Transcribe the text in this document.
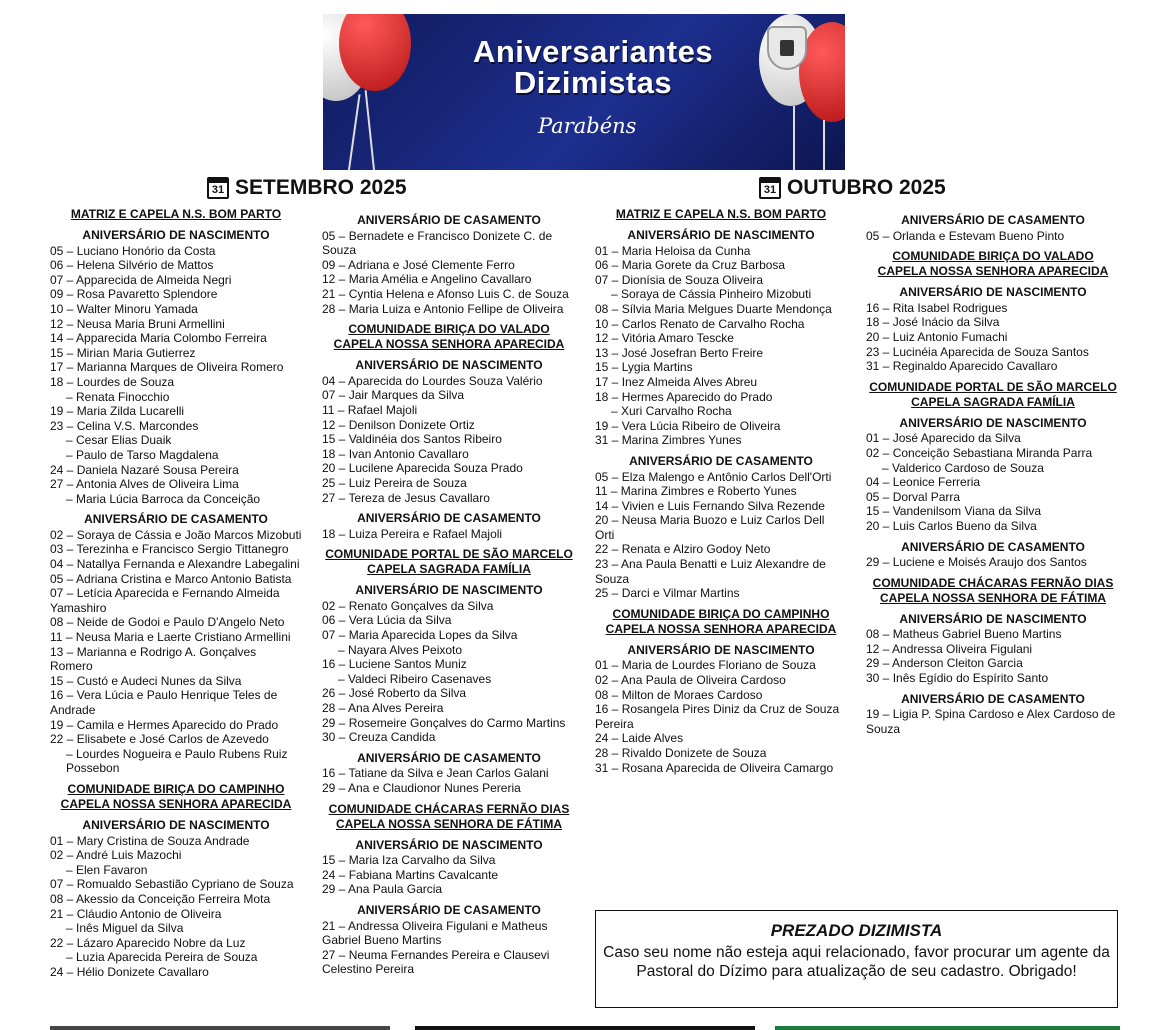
Aniversariantes
Dizimistas
Parabéns
31 SETEMBRO 2025	31 OUTUBRO 2025
MATRIZ E CAPELA N.S. BOM PARTO
ANIVERSÁRIO DE NASCIMENTO
05 – Luciano Honório da Costa
06 – Helena Silvério de Mattos
07 – Apparecida de Almeida Negri
09 – Rosa Pavaretto Splendore
10 – Walter Minoru Yamada
12 – Neusa Maria Bruni Armellini
14 – Apparecida Maria Colombo Ferreira
15 – Mirian Maria Gutierrez
17 – Marianna Marques de Oliveira Romero
18 – Lourdes de Souza
– Renata Finocchio
19 – Maria Zilda Lucarelli
23 – Celina V.S. Marcondes
– Cesar Elias Duaik
– Paulo de Tarso Magdalena
24 – Daniela Nazaré Sousa Pereira
27 – Antonia Alves de Oliveira Lima
– Maria Lúcia Barroca da Conceição
ANIVERSÁRIO DE CASAMENTO
02 – Soraya de Cássia e João Marcos Mizobuti
03 – Terezinha e Francisco Sergio Tittanegro
04 – Natallya Fernanda e Alexandre Labegalini
05 – Adriana Cristina e Marco Antonio Batista
07 – Letícia Aparecida e Fernando Almeida Yamashiro
08 – Neide de Godoi e Paulo D'Angelo Neto
11 – Neusa Maria e Laerte Cristiano Armellini
13 – Marianna e Rodrigo A. Gonçalves Romero
15 – Custó e Audeci Nunes da Silva
16 – Vera Lúcia e Paulo Henrique Teles de Andrade
19 – Camila e Hermes Aparecido do Prado
22 – Elisabete e José Carlos de Azevedo
– Lourdes Nogueira e Paulo Rubens Ruiz Possebon
COMUNIDADE BIRIÇA DO CAMPINHO
CAPELA NOSSA SENHORA APARECIDA
ANIVERSÁRIO DE NASCIMENTO
01 – Mary Cristina de Souza Andrade
02 – André Luis Mazochi
– Elen Favaron
07 – Romualdo Sebastião Cypriano de Souza
08 – Akessio da Conceição Ferreira Mota
21 – Cláudio Antonio de Oliveira
– Inês Miguel da Silva
22 – Lázaro Aparecido Nobre da Luz
– Luzia Aparecida Pereira de Souza
24 – Hélio Donizete Cavallaro
ANIVERSÁRIO DE CASAMENTO
05 – Bernadete e Francisco Donizete C. de Souza
09 – Adriana e José Clemente Ferro
12 – Maria Amélia e Angelino Cavallaro
21 – Cyntia Helena e Afonso Luis C. de Souza
28 – Maria Luiza e Antonio Fellipe de Oliveira
COMUNIDADE BIRIÇA DO VALADO
CAPELA NOSSA SENHORA APARECIDA
ANIVERSÁRIO DE NASCIMENTO
04 – Aparecida do Lourdes Souza Valério
07 – Jair Marques da Silva
11 – Rafael Majoli
12 – Denilson Donizete Ortiz
15 – Valdinéia dos Santos Ribeiro
18 – Ivan Antonio Cavallaro
20 – Lucilene Aparecida Souza Prado
25 – Luiz Pereira de Souza
27 – Tereza de Jesus Cavallaro
ANIVERSÁRIO DE CASAMENTO
18 – Luiza Pereira e Rafael Majoli
COMUNIDADE PORTAL DE SÃO MARCELO
CAPELA SAGRADA FAMÍLIA
ANIVERSÁRIO DE NASCIMENTO
02 – Renato Gonçalves da Silva
06 – Vera Lúcia da Silva
07 – Maria Aparecida Lopes da Silva
– Nayara Alves Peixoto
16 – Luciene Santos Muniz
– Valdeci Ribeiro Casenaves
26 – José Roberto da Silva
28 – Ana Alves Pereira
29 – Rosemeire Gonçalves do Carmo Martins
30 – Creuza Candida
ANIVERSÁRIO DE CASAMENTO
16 – Tatiane da Silva e Jean Carlos Galani
29 – Ana e Claudionor Nunes Pereria
COMUNIDADE CHÁCARAS FERNÃO DIAS
CAPELA NOSSA SENHORA DE FÁTIMA
ANIVERSÁRIO DE NASCIMENTO
15 – Maria Iza Carvalho da Silva
24 – Fabiana Martins Cavalcante
29 – Ana Paula Garcia
ANIVERSÁRIO DE CASAMENTO
21 – Andressa Oliveira Figulani e Matheus Gabriel Bueno Martins
27 – Neuma Fernandes Pereira e Clausevi Celestino Pereira
MATRIZ E CAPELA N.S. BOM PARTO
ANIVERSÁRIO DE NASCIMENTO
01 – Maria Heloisa da Cunha
06 – Maria Gorete da Cruz Barbosa
07 – Dionísia de Souza Oliveira
– Soraya de Cássia Pinheiro Mizobuti
08 – Sílvia Maria Melgues Duarte Mendonça
10 – Carlos Renato de Carvalho Rocha
12 – Vitória Amaro Tescke
13 – José Josefran Berto Freire
15 – Lygia Martins
17 – Inez Almeida Alves Abreu
18 – Hermes Aparecido do Prado
– Xuri Carvalho Rocha
19 – Vera Lúcia Ribeiro de Oliveira
31 – Marina Zimbres Yunes
ANIVERSÁRIO DE CASAMENTO
05 – Elza Malengo e Antônio Carlos Dell'Orti
11 – Marina Zimbres e Roberto Yunes
14 – Vivien e Luis Fernando Silva Rezende
20 – Neusa Maria Buozo e Luiz Carlos Dell Orti
22 – Renata e Alziro Godoy Neto
23 – Ana Paula Benatti e Luiz Alexandre de Souza
25 – Darci e Vilmar Martins
COMUNIDADE BIRIÇA DO CAMPINHO
CAPELA NOSSA SENHORA APARECIDA
ANIVERSÁRIO DE NASCIMENTO
01 – Maria de Lourdes Floriano de Souza
02 – Ana Paula de Oliveira Cardoso
08 – Milton de Moraes Cardoso
16 – Rosangela Pires Diniz da Cruz de Souza Pereira
24 – Laide Alves
28 – Rivaldo Donizete de Souza
31 – Rosana Aparecida de Oliveira Camargo
ANIVERSÁRIO DE CASAMENTO
05 – Orlanda e Estevam Bueno Pinto
COMUNIDADE BIRIÇA DO VALADO
CAPELA NOSSA SENHORA APARECIDA
ANIVERSÁRIO DE NASCIMENTO
16 – Rita Isabel Rodrigues
18 – José Inácio da Silva
20 – Luiz Antonio Fumachi
23 – Lucinéia Aparecida de Souza Santos
31 – Reginaldo Aparecido Cavallaro
COMUNIDADE PORTAL DE SÃO MARCELO
CAPELA SAGRADA FAMÍLIA
ANIVERSÁRIO DE NASCIMENTO
01 – José Aparecido da Silva
02 – Conceição Sebastiana Miranda Parra
– Valderico Cardoso de Souza
04 – Leonice Ferreria
05 – Dorval Parra
15 – Vandenilsom Viana da Silva
20 – Luis Carlos Bueno da Silva
ANIVERSÁRIO DE CASAMENTO
29 – Luciene e Moisés Araujo dos Santos
COMUNIDADE CHÁCARAS FERNÃO DIAS
CAPELA NOSSA SENHORA DE FÁTIMA
ANIVERSÁRIO DE NASCIMENTO
08 – Matheus Gabriel Bueno Martins
12 – Andressa Oliveira Figulani
29 – Anderson Cleiton Garcia
30 – Inês Egídio do Espírito Santo
ANIVERSÁRIO DE CASAMENTO
19 – Ligia P. Spina Cardoso e Alex Cardoso de Souza
PREZADO DIZIMISTA
Caso seu nome não esteja aqui relacionado, favor procurar um agente da Pastoral do Dízimo para atualização de seu cadastro. Obrigado!
